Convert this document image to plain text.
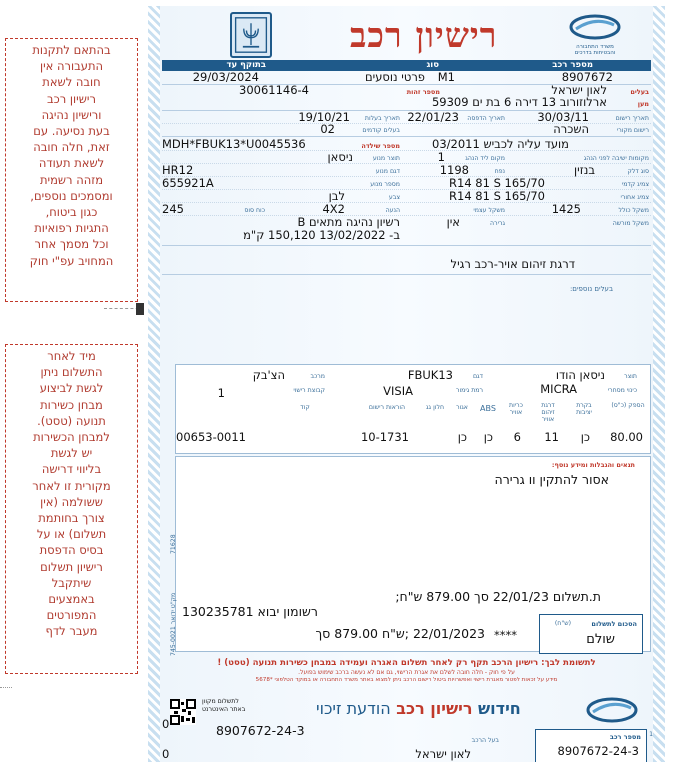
בהתאם לתקנות
התעבורה אין
חובה לשאת
רישיון רכב
ורישיון נהיגה
בעת נסיעה. עם
זאת, חלה חובה
לשאת תעודה
מזהה רשמית
ומסמכים נוספים,
כגון ביטוח,
התגיות רפואיות
וכל מסמך אחר
המחויב עפ"י חוק
מיד לאחר
התשלום ניתן
לגשת לביצוע
מבחן כשירות
תנועה (טסט).
למבחן הכשירות
יש לגשת
בליווי דרישה
מקורית זו לאחר
ששולמה (אין
צורך בחותמת
תשלום) או על
בסיס הדפסת
רישיון תשלום
שיתקבל
באמצעים
המפורטים
מעבר לדף
משרד התחבורה
והבטיחות בדרכים
רישיון רכב
מספר רכב
סוג
בתוקף עד
8907672
M1
פרטי נוסעים
29/03/2024
בעלים
לאון ישראל
מספר זהות
30061146-4
מען
ארלוזורוב 13 דירה 6 בת ים 59309
תאריך רישום
30/03/11
תאריך הדפסה
22/01/23
תאריך בעלות
19/10/21
רישום מקורי
השכרה
בעלים קודמים
02
מועד עליה לכביש 03/2011
מספר שילדה
MDH*FBUK13*U0045536
מקומות ישיבה לפני הנהג
מקום ליד הנהג
1
תוצר מנוע
ניסאן
סוג דלק
בנזין
נפח
1198
דגם מנוע
HR12
צמיג קדמי
R14 81 S 165/70
מספר מנוע
655921A
צמיג אחורי
R14 81 S 165/70
צבע
לבן
משקל כולל
1425
משקל עצמי
הנעה
4X2
כוח סוס
245
משקל מורשה
גרירה
אין
רשיון נהיגה מתאים B
ב- 13/02/2022 150,120 ק"מ
דרגת זיהום אויר-רכב רגיל
בעלים נוספים:
תוצר
ניסאן הודו
דגם
FBUK13
מרכב
הצ'בק
כינוי מסחרי
MICRA
רמת גימור
VISIA
קבוצת רישוי
1
הספק (כ"ס)
בקרת יציבות
דרגת זיהום אוויר
כריות אוויר
ABS
אגור
חלון גג
הוראות רישום
קוד
80.00
כן
11
6
כן
כן
10-1731
00653-0011
תנאים והגבלות ומידע נוסף:
אסור להתקין וו גרירה
71628
מק"ט ידואר 745-0021	ת.תשלום 22/01/23 סך 879.00 ש"ח;
רשומון יבוא 130235781
22/01/2023 ;ש"ח 879.00 סך ****
הסכום לתשלום
(ש"ח)
שולם
לתשומת לבך: רישיון הרכב תקף רק לאחר תשלום האגרה ועמידה במבחן כשירות תנועה (טסט) !
על פי חוק - חלה חובה לשלם את אגרת הרישוי, גם אם לא נעשה ברכב שימוש בפועל.
מידע על זכאות לפטור מאגרת רישוי ואפשרויות ביטול רישום הרכב ניתן למצוא באתר משרד התחבורה או במוקד הטלפוני *5678
חידוש רישיון רכב הודעת זיכוי
לתשלום מקוון
באתר האינטרנט
8907672-24-3
0
0
מספר רכב
8907672-24-3
בעל הרכב
לאון ישראל
1
